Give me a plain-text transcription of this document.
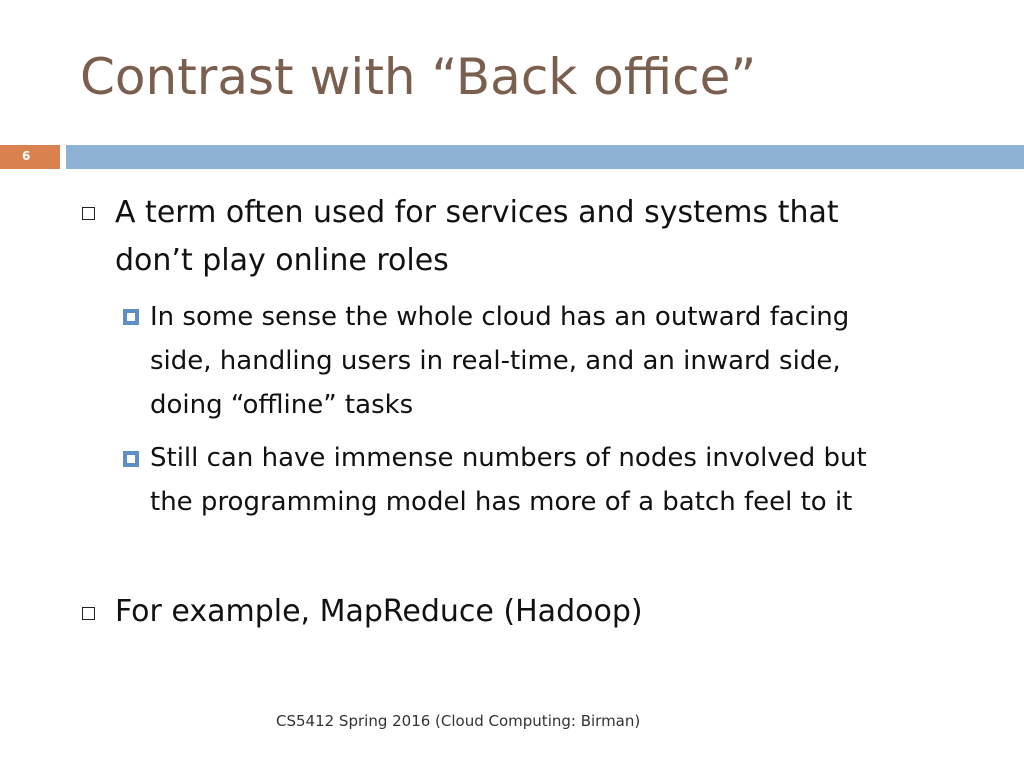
Contrast with “Back office”
6
A term often used for services and systems that
don’t play online roles
In some sense the whole cloud has an outward facing
side, handling users in real-time, and an inward side,
doing “offline” tasks
Still can have immense numbers of nodes involved but
the programming model has more of a batch feel to it
For example, MapReduce (Hadoop)
CS5412 Spring 2016 (Cloud Computing: Birman)
